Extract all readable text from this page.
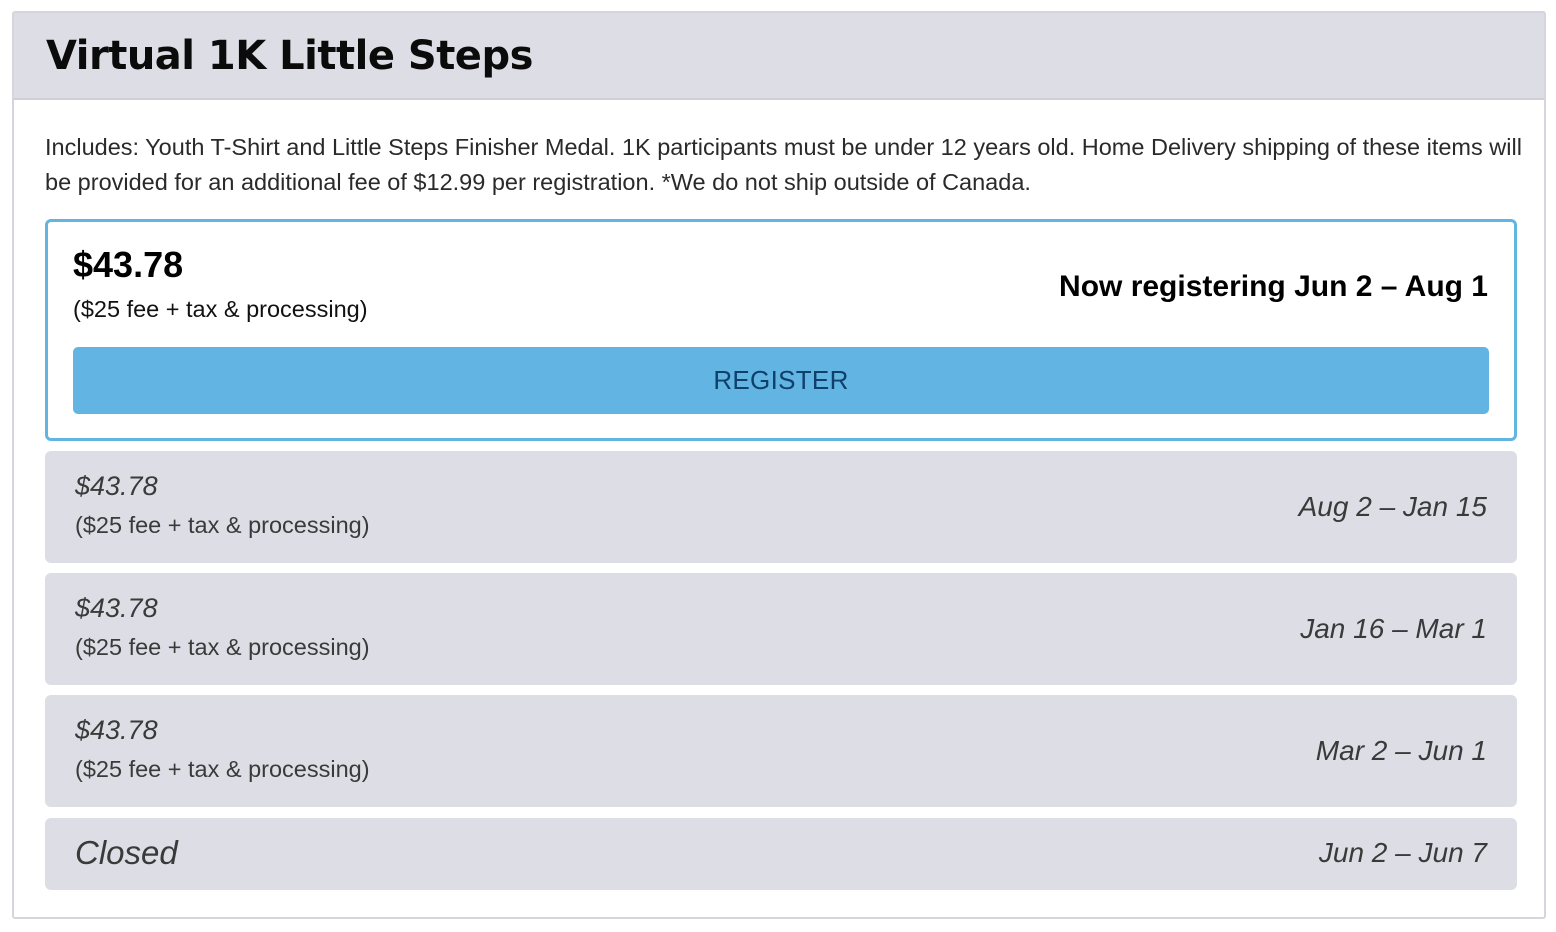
Virtual 1K Little Steps

Includes: Youth T-Shirt and Little Steps Finisher Medal. 1K participants must be under 12 years old. Home Delivery shipping of these items will be provided for an additional fee of $12.99 per registration. *We do not ship outside of Canada.

$43.78
($25 fee + tax & processing)
Now registering Jun 2 – Aug 1
REGISTER
$43.78
($25 fee + tax & processing)
Aug 2 – Jan 15
$43.78
($25 fee + tax & processing)
Jan 16 – Mar 1
$43.78
($25 fee + tax & processing)
Mar 2 – Jun 1
Closed	Jun 2 – Jun 7
